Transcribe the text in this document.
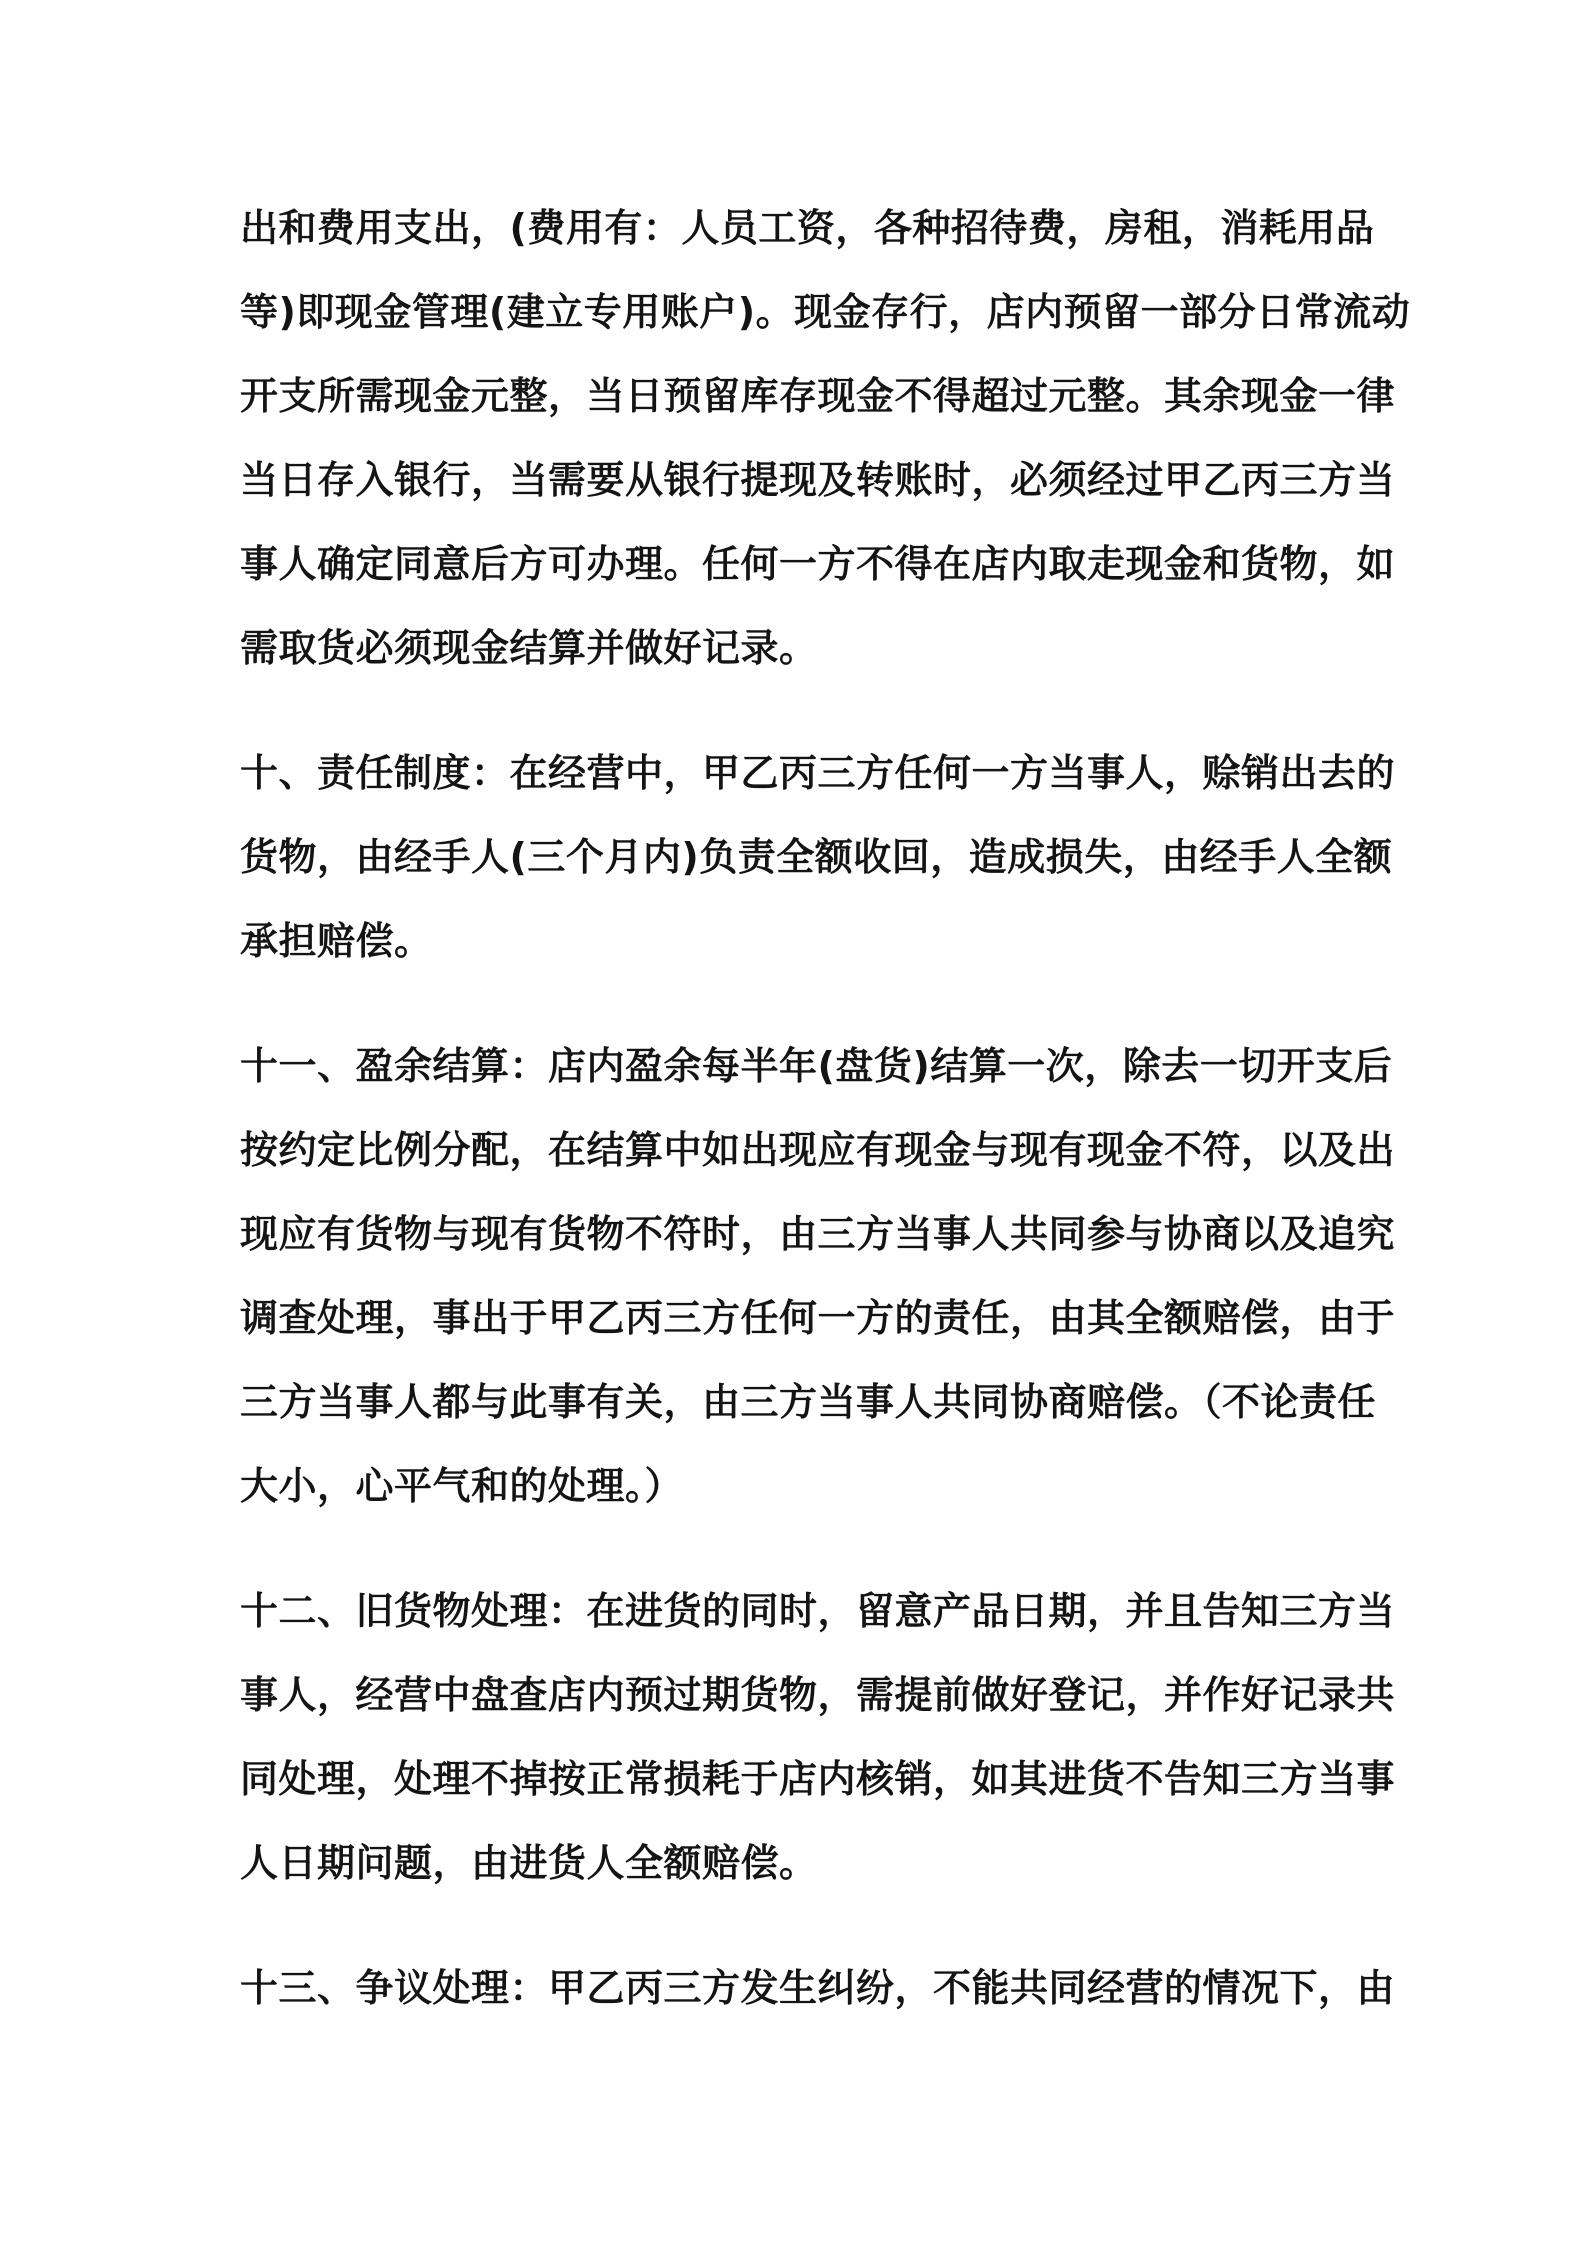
出和费用支出，(费用有：人员工资，各种招待费，房租，消耗用品
等)即现金管理(建立专用账户)。现金存行，店内预留一部分日常流动
开支所需现金元整，当日预留库存现金不得超过元整。其余现金一律
当日存入银行，当需要从银行提现及转账时，必须经过甲乙丙三方当
事人确定同意后方可办理。任何一方不得在店内取走现金和货物，如
需取货必须现金结算并做好记录。
十、责任制度：在经营中，甲乙丙三方任何一方当事人，赊销出去的
货物，由经手人(三个月内)负责全额收回，造成损失，由经手人全额
承担赔偿。
十一、盈余结算：店内盈余每半年(盘货)结算一次，除去一切开支后
按约定比例分配，在结算中如出现应有现金与现有现金不符，以及出
现应有货物与现有货物不符时，由三方当事人共同参与协商以及追究
调查处理，事出于甲乙丙三方任何一方的责任，由其全额赔偿，由于
三方当事人都与此事有关，由三方当事人共同协商赔偿。（不论责任
大小，心平气和的处理。）
十二、旧货物处理：在进货的同时，留意产品日期，并且告知三方当
事人，经营中盘查店内预过期货物，需提前做好登记，并作好记录共
同处理，处理不掉按正常损耗于店内核销，如其进货不告知三方当事
人日期问题，由进货人全额赔偿。
十三、争议处理：甲乙丙三方发生纠纷，不能共同经营的情况下，由
